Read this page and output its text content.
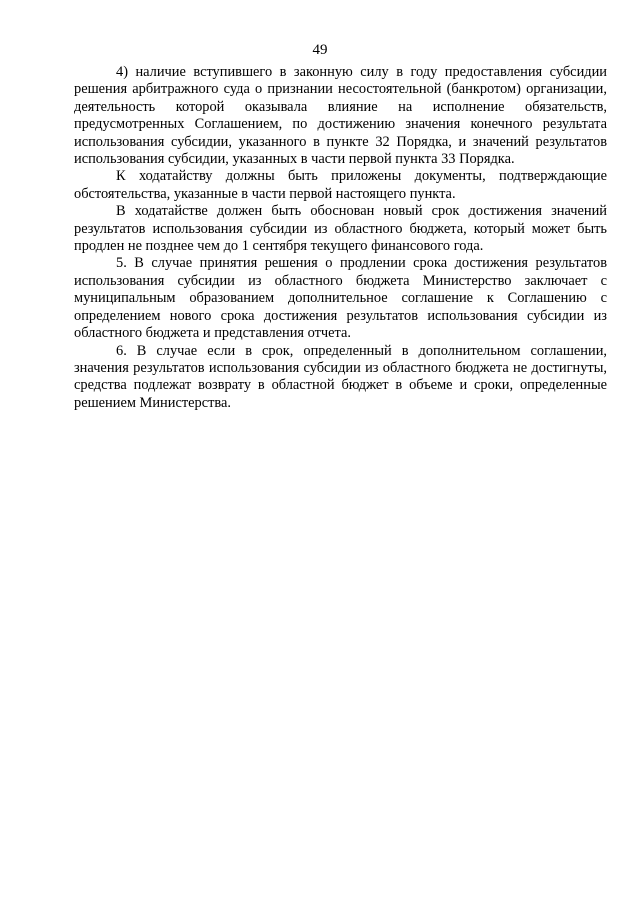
49

4) наличие вступившего в законную силу в году предоставления субсидии решения арбитражного суда о признании несостоятельной (банкротом) организации, деятельность которой оказывала влияние на исполнение обязательств, предусмотренных Соглашением, по достижению значения конечного результата использования субсидии, указанного в пункте 32 Порядка, и значений результатов использования субсидии, указанных в части первой пункта 33 Порядка.

К ходатайству должны быть приложены документы, подтверждающие обстоятельства, указанные в части первой настоящего пункта.

В ходатайстве должен быть обоснован новый срок достижения значений результатов использования субсидии из областного бюджета, который может быть продлен не позднее чем до 1 сентября текущего финансового года.

5. В случае принятия решения о продлении срока достижения результатов использования субсидии из областного бюджета Министерство заключает с муниципальным образованием дополнительное соглашение к Соглашению с определением нового срока достижения результатов использования субсидии из областного бюджета и представления отчета.

6. В случае если в срок, определенный в дополнительном соглашении, значения результатов использования субсидии из областного бюджета не достигнуты, средства подлежат возврату в областной бюджет в объеме и сроки, определенные решением Министерства.
